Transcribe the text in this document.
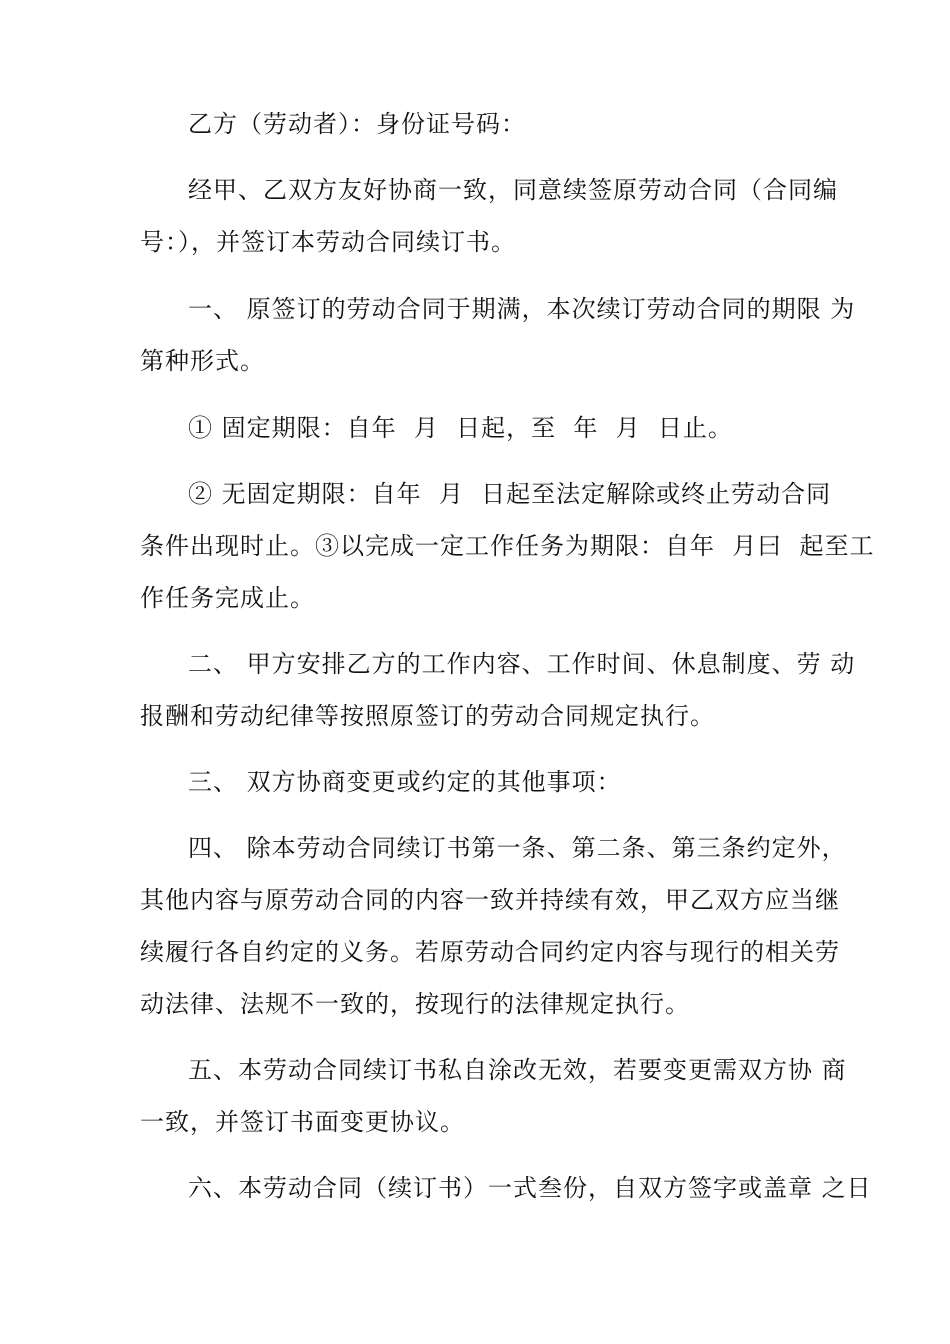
乙方（劳动者）：身份证号码：
经甲、乙双方友好协商一致，同意续签原劳动合同（合同编
号：），并签订本劳动合同续订书。
一、 原签订的劳动合同于期满，本次续订劳动合同的期限 为
第种形式。
① 固定期限：自年  月  日起，至  年  月  日止。
② 无固定期限：自年  月  日起至法定解除或终止劳动合同
条件出现时止。③以完成一定工作任务为期限：自年  月曰  起至工
作任务完成止。
二、 甲方安排乙方的工作内容、工作时间、休息制度、劳 动
报酬和劳动纪律等按照原签订的劳动合同规定执行。
三、 双方协商变更或约定的其他事项：
四、 除本劳动合同续订书第一条、第二条、第三条约定外，
其他内容与原劳动合同的内容一致并持续有效，甲乙双方应当继
续履行各自约定的义务。若原劳动合同约定内容与现行的相关劳
动法律、法规不一致的，按现行的法律规定执行。
五、本劳动合同续订书私自涂改无效，若要变更需双方协 商
一致，并签订书面变更协议。
六、本劳动合同（续订书）一式叁份，自双方签字或盖章 之日
